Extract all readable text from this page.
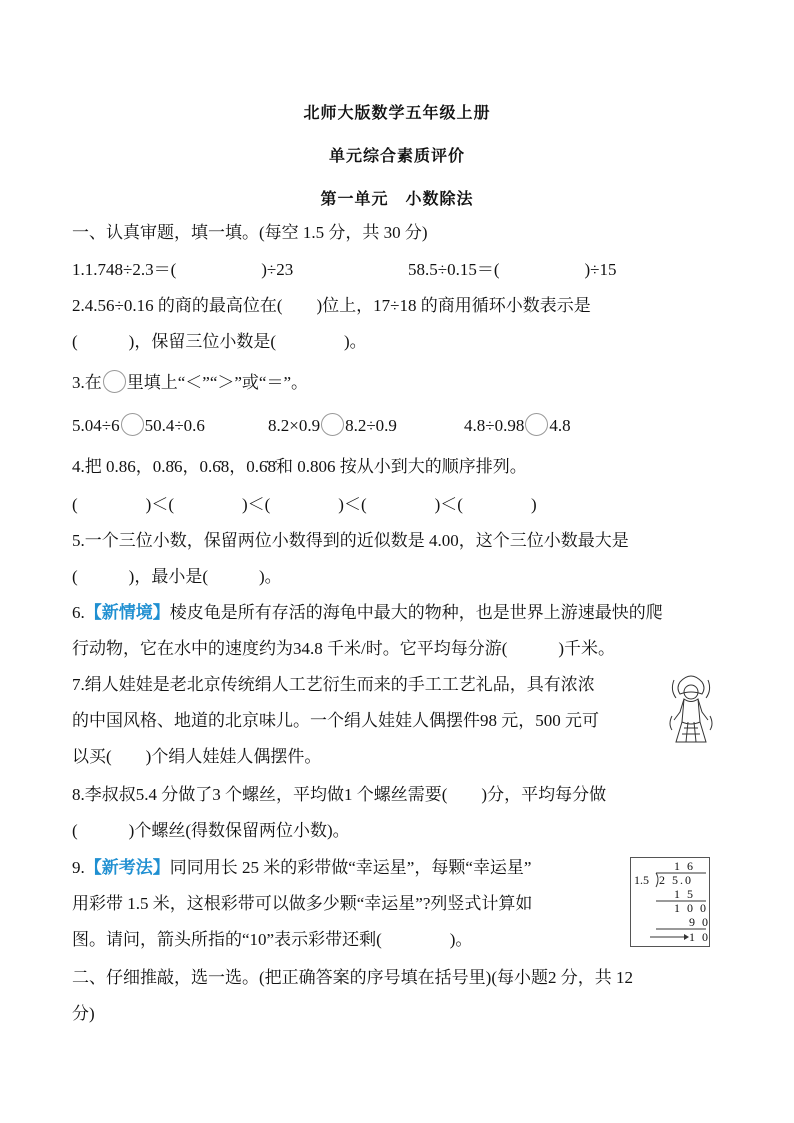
北师大版数学五年级上册
单元综合素质评价
第一单元　小数除法
一、认真审题，填一填。(每空 1.5 分，共 30 分)
1.1.748÷2.3＝(　　　　　)÷23	58.5÷0.15＝(　　　　　)÷15
2.4.56÷0.16 的商的最高位在(　　)位上，17÷18 的商用循环小数表示是
(　　　)，保留三位小数是(　　　　)。
3.在 里填上“＜”“＞”或“＝”。
5.04÷6 50.4÷0.6	8.2×0.9 8.2÷0.9	4.8÷0.98 4.8
4.把 0.86，0.8̇6，0.6̇8，0.6̇8̇和 0.806 按从小到大的顺序排列。
(　　　　)＜(　　　　)＜(　　　　)＜(　　　　)＜(　　　　)
5.一个三位小数，保留两位小数得到的近似数是 4.00，这个三位小数最大是
(　　　)，最小是(　　　)。
6.【新情境】棱皮龟是所有存活的海龟中最大的物种，也是世界上游速最快的爬
行动物，它在水中的速度约为34.8 千米/时。它平均每分游(　　　)千米。
7.绢人娃娃是老北京传统绢人工艺衍生而来的手工工艺礼品，具有浓浓
的中国风格、地道的北京味儿。一个绢人娃娃人偶摆件98 元，500 元可
以买(　　)个绢人娃娃人偶摆件。
8.李叔叔5.4 分做了3 个螺丝，平均做1 个螺丝需要(　　)分，平均每分做
(　　　)个螺丝(得数保留两位小数)。
9.【新考法】同同用长 25 米的彩带做“幸运星”，每颗“幸运星”
用彩带 1.5 米，这根彩带可以做多少颗“幸运星”?列竖式计算如
图。请问，箭头所指的“10”表示彩带还剩(　　　　)。
1.5
1 6
2 5.0
1 5
1 0 0
9 0
1 0
二、仔细推敲，选一选。(把正确答案的序号填在括号里)(每小题2 分，共 12
分)
